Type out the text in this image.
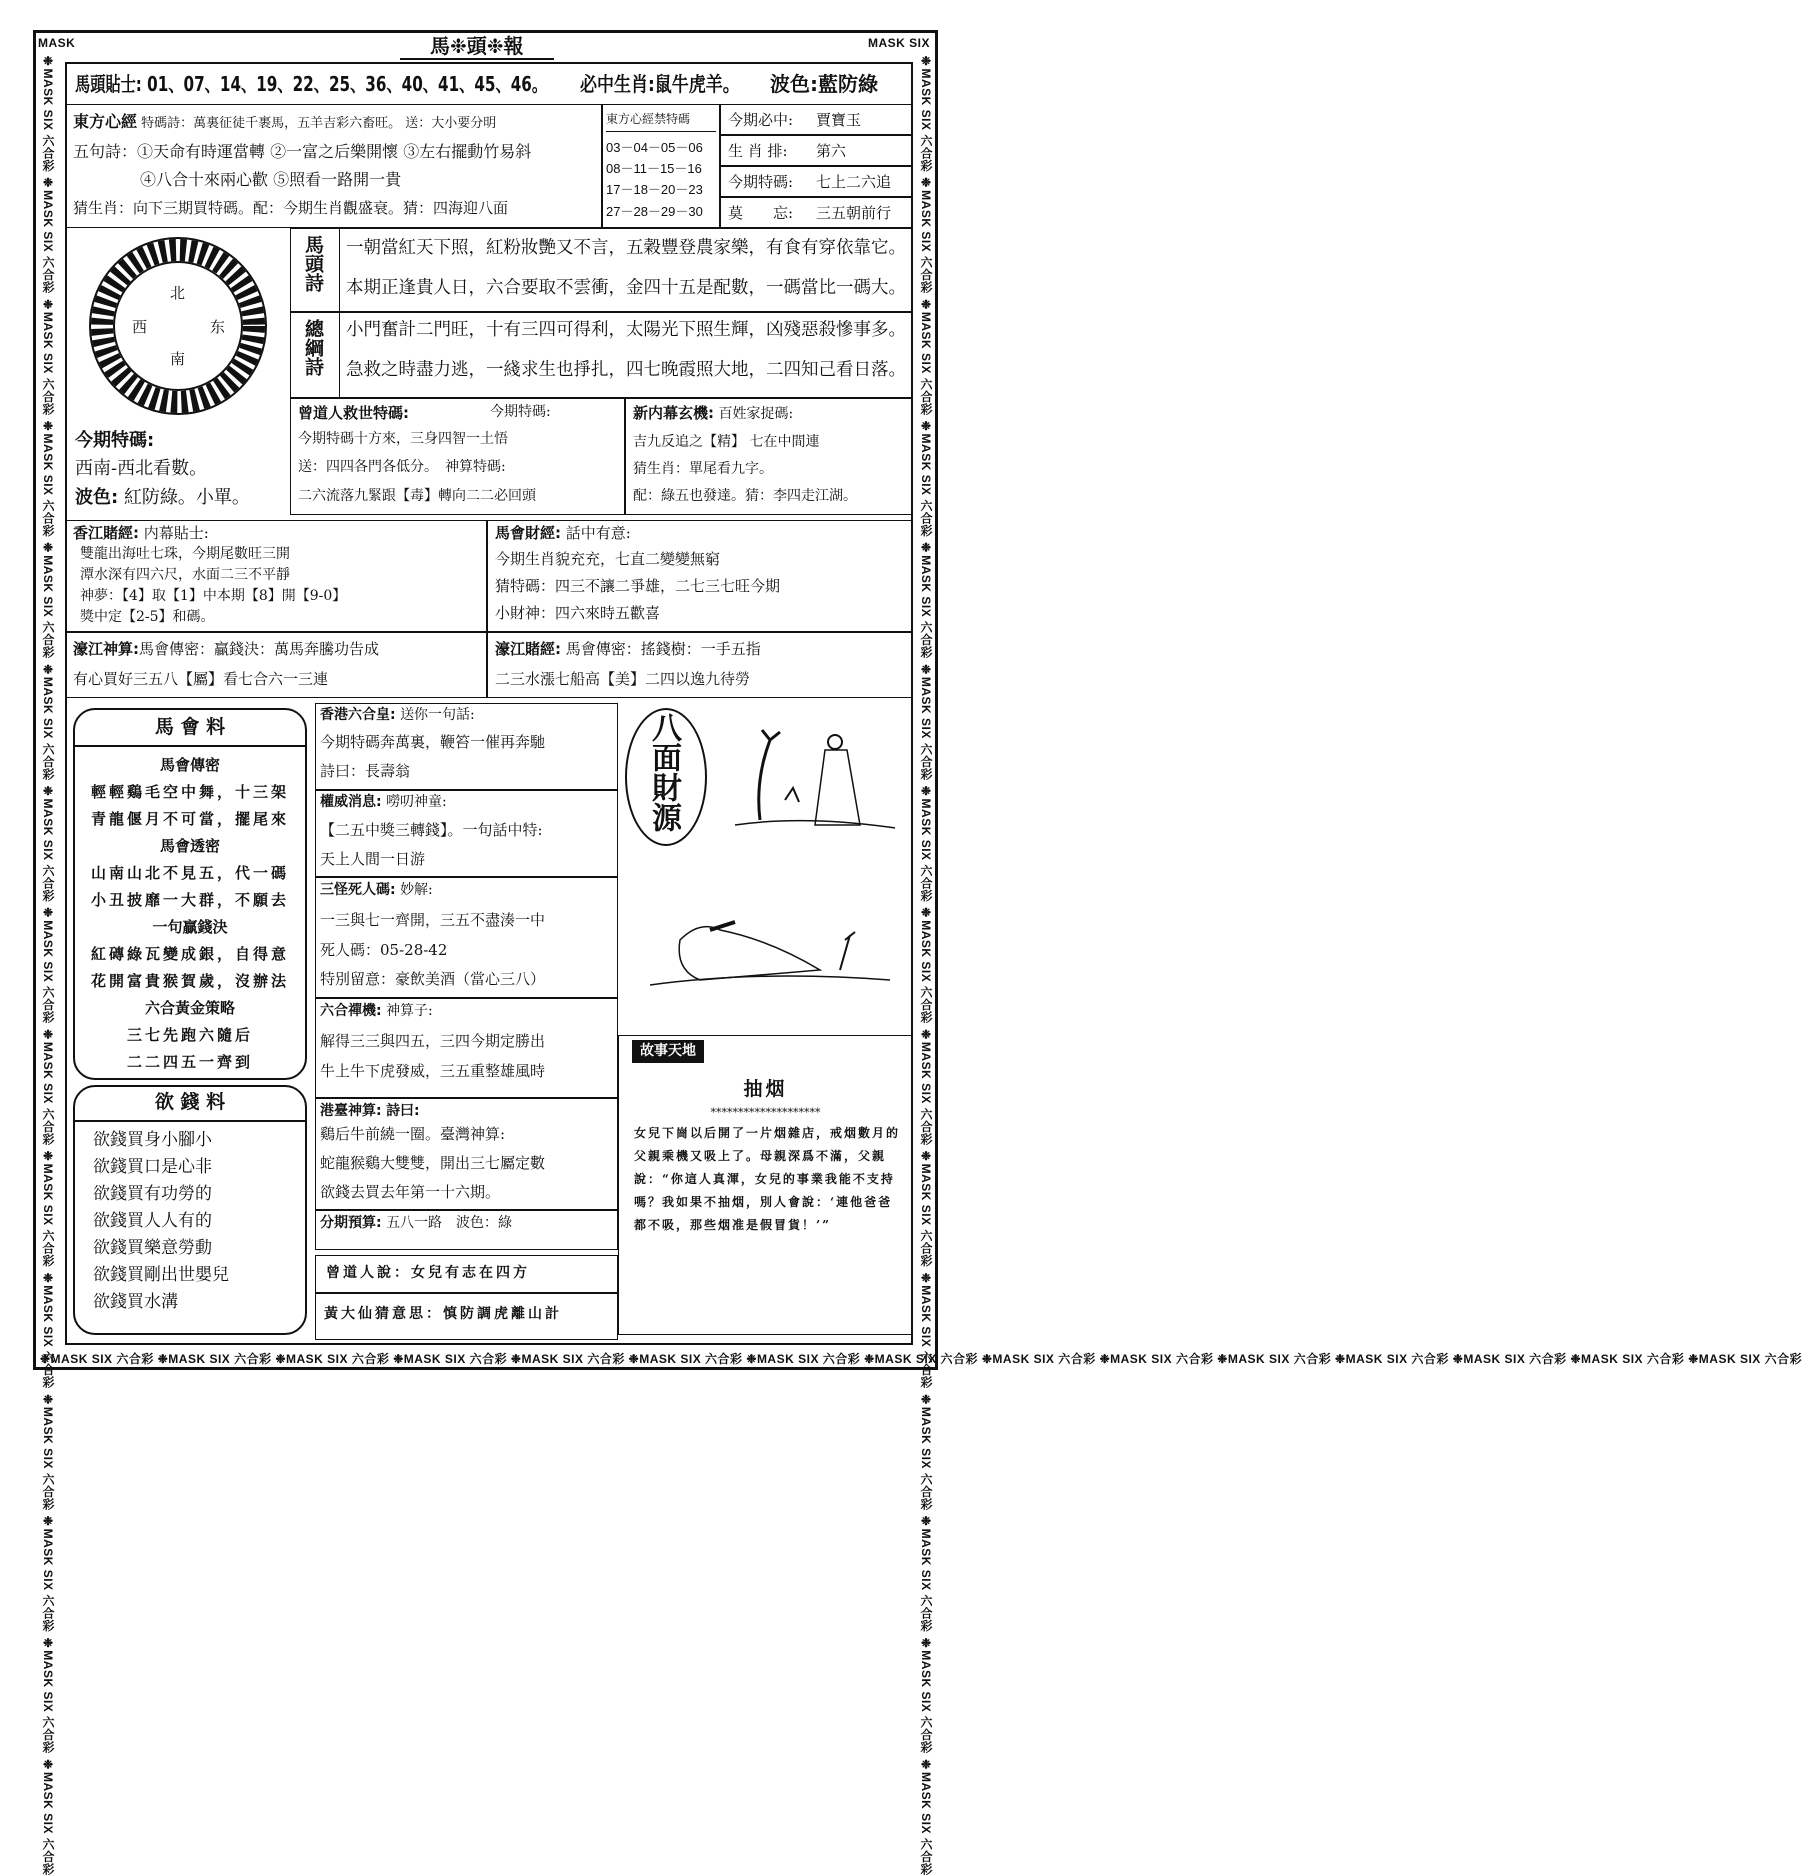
MASK	MASK SIX
❉MASK SIX 六合彩 ❉MASK SIX 六合彩 ❉MASK SIX 六合彩 ❉MASK SIX 六合彩 ❉MASK SIX 六合彩 ❉MASK SIX 六合彩 ❉MASK SIX 六合彩 ❉MASK SIX 六合彩 ❉MASK SIX 六合彩 ❉MASK SIX 六合彩 ❉MASK SIX 六合彩 ❉MASK SIX 六合彩 ❉MASK SIX 六合彩 ❉MASK SIX 六合彩 ❉MASK SIX 六合彩
❉MASK SIX 六合彩 ❉MASK SIX 六合彩 ❉MASK SIX 六合彩 ❉MASK SIX 六合彩 ❉MASK SIX 六合彩 ❉MASK SIX 六合彩 ❉MASK SIX 六合彩 ❉MASK SIX 六合彩 ❉MASK SIX 六合彩 ❉MASK SIX 六合彩 ❉MASK SIX 六合彩 ❉MASK SIX 六合彩 ❉MASK SIX 六合彩 ❉MASK SIX 六合彩 ❉MASK SIX 六合彩	❉MASK SIX 六合彩 ❉MASK SIX 六合彩 ❉MASK SIX 六合彩 ❉MASK SIX 六合彩 ❉MASK SIX 六合彩 ❉MASK SIX 六合彩 ❉MASK SIX 六合彩 ❉MASK SIX 六合彩 ❉MASK SIX 六合彩 ❉MASK SIX 六合彩 ❉MASK SIX 六合彩 ❉MASK SIX 六合彩 ❉MASK SIX 六合彩 ❉MASK SIX 六合彩 ❉MASK SIX 六合彩
馬❉頭❉報
馬頭貼士: 01、07、14、19、22、25、36、40、41、45、46。 必中生肖:鼠牛虎羊。 波色:藍防綠
東方心經 特碼詩：萬裏征徒千裹馬，五羊吉彩六畜旺。 送：大小要分明
五句詩：①天命有時運當轉 ②一富之后樂開懷 ③左右擺動竹易斜
④八合十來兩心歡 ⑤照看一路開一貴
猜生肖：向下三期買特碼。配：今期生肖觀盛衰。猜：四海迎八面
東方心經禁特碼
03－04－05－06
08－11－15－16
17－18－20－23
27－28－29－30
今期必中: 賈寶玉
生 肖 排: 第六
今期特碼: 七上二六追
莫　　忘: 三五朝前行
北
西	东
南
今期特碼:
西南-西北看數。
波色: 紅防綠。小單。
馬頭詩 一朝當紅天下照，紅粉妝艷又不言，五穀豐登農家樂，有食有穿依靠它。
本期正逢貴人日，六合要取不雲衝，金四十五是配數，一碼當比一碼大。
總綱詩 小門奮計二門旺，十有三四可得利，太陽光下照生輝，凶殘惡殺慘事多。
急救之時盡力逃，一綫求生也掙扎，四七晚霞照大地，二四知己看日落。
曾道人救世特碼:	今期特碼:
今期特碼十方來，三身四智一土悟
送：四四各門各低分。　神算特碼:
二六流落九緊跟【毒】轉向二二必回頭
新内幕玄機: 百姓家捉碼:
吉九反追之【精】 七在中間連
猜生肖：單尾看九字。
配：綠五也發達。猜：李四走江湖。
香江賭經: 内幕貼士:
雙龍出海吐七珠，今期尾數旺三開
潭水深有四六尺，水面二三不平靜
神夢：【4】取【1】中本期【8】開【9-0】
獎中定【2-5】和碼。
馬會財經: 話中有意:
今期生肖貌充充，七直二變變無窮
猜特碼：四三不讓二爭雄，二七三七旺今期
小財神：四六來時五歡喜
濠江神算:馬會傳密：贏錢決：萬馬奔騰功告成
有心買好三五八【屬】看七合六一三連
濠江賭經: 馬會傳密：搖錢樹：一手五指
二三水漲七船高【美】二四以逸九待勞
馬 會 料
馬會傳密
輕輕鷄毛空中舞，十三架
青龍偃月不可當，擺尾來
馬會透密
山南山北不見五，代一碼
小丑披靡一大群，不願去
一句贏錢決
紅磚綠瓦變成銀，自得意
花開富貴猴賀歲，沒辦法
六合黃金策略
三七先跑六隨后
二二四五一齊到
欲 錢 料
欲錢買身小腳小
欲錢買口是心非
欲錢買有功勞的
欲錢買人人有的
欲錢買樂意勞動
欲錢買剛出世嬰兒
欲錢買水溝
香港六合皇: 送你一句話:
今期特碼奔萬裏，鞭笞一催再奔馳
詩曰：長壽翁
權威消息: 嘮叨神童:
【二五中獎三轉錢】。一句話中特:
天上人間一日游
三怪死人碼: 妙解:
一三與七一齊開，三五不盡湊一中
死人碼：05-28-42
特別留意：豪飲美酒（當心三八）
六合禪機: 神算子:
解得三三與四五，三四今期定勝出
牛上牛下虎發威，三五重整雄風時
港臺神算: 詩曰:
鷄后牛前繞一圈。臺灣神算:
蛇龍猴鷄大雙雙，開出三七屬定數
欲錢去買去年第一十六期。
分期預算: 五八一路　波色：綠
曾道人說：女兒有志在四方
黃大仙猜意思：慎防調虎離山計
八面財源
故事天地
抽烟
********************
女兒下崗以后開了一片烟雜店，戒烟數月的父親乘機又吸上了。母親深爲不滿，父親說：“你這人真渾，女兒的事業我能不支持嗎？我如果不抽烟，別人會說：‘連他爸爸都不吸，那些烟准是假冒貨！’”
